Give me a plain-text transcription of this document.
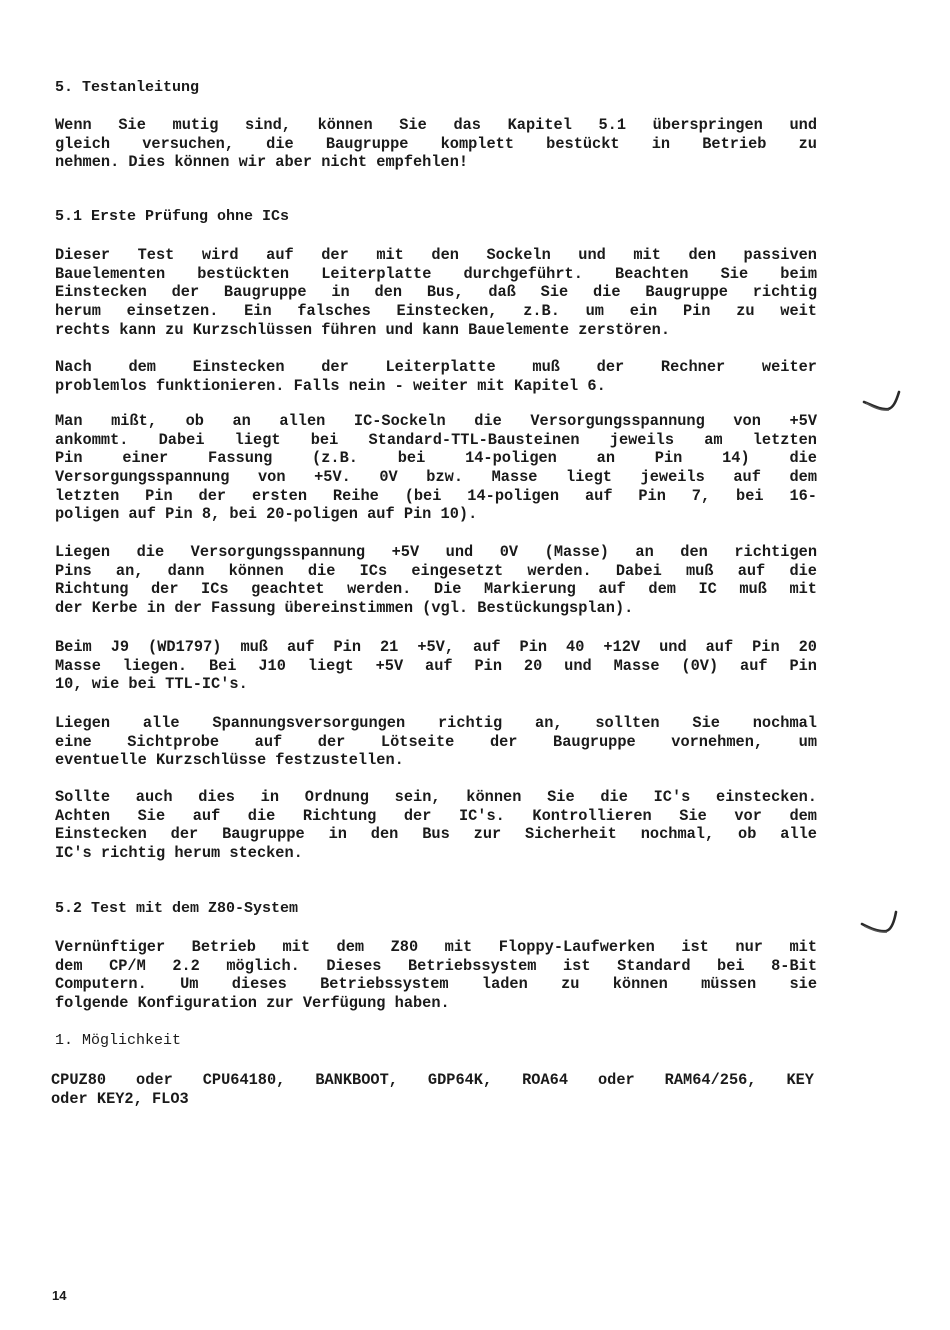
5. Testanleitung
Wenn Sie mutig sind, können Sie das Kapitel 5.1 überspringen und
gleich versuchen, die Baugruppe komplett bestückt in Betrieb zu
nehmen. Dies können wir aber nicht empfehlen!
5.1 Erste Prüfung ohne ICs
Dieser Test wird auf der mit den Sockeln und mit den passiven
Bauelementen bestückten Leiterplatte durchgeführt. Beachten Sie beim
Einstecken der Baugruppe in den Bus, daß Sie die Baugruppe richtig
herum einsetzen. Ein falsches Einstecken, z.B. um ein Pin zu weit
rechts kann zu Kurzschlüssen führen und kann Bauelemente zerstören.
Nach dem Einstecken der Leiterplatte muß der Rechner weiter
problemlos funktionieren. Falls nein - weiter mit Kapitel 6.
Man mißt, ob an allen IC-Sockeln die Versorgungsspannung von +5V
ankommt. Dabei liegt bei Standard-TTL-Bausteinen jeweils am letzten
Pin einer Fassung (z.B. bei 14-poligen an Pin 14) die
Versorgungsspannung von +5V. 0V bzw. Masse liegt jeweils auf dem
letzten Pin der ersten Reihe (bei 14-poligen auf Pin 7, bei 16-
poligen auf Pin 8, bei 20-poligen auf Pin 10).
Liegen die Versorgungsspannung +5V und 0V (Masse) an den richtigen
Pins an, dann können die ICs eingesetzt werden. Dabei muß auf die
Richtung der ICs geachtet werden. Die Markierung auf dem IC muß mit
der Kerbe in der Fassung übereinstimmen (vgl. Bestückungsplan).
Beim J9 (WD1797) muß auf Pin 21 +5V, auf Pin 40 +12V und auf Pin 20
Masse liegen. Bei J10 liegt +5V auf Pin 20 und Masse (0V) auf Pin
10, wie bei TTL-IC's.
Liegen alle Spannungsversorgungen richtig an, sollten Sie nochmal
eine Sichtprobe auf der Lötseite der Baugruppe vornehmen, um
eventuelle Kurzschlüsse festzustellen.
Sollte auch dies in Ordnung sein, können Sie die IC's einstecken.
Achten Sie auf die Richtung der IC's. Kontrollieren Sie vor dem
Einstecken der Baugruppe in den Bus zur Sicherheit nochmal, ob alle
IC's richtig herum stecken.
5.2 Test mit dem Z80-System
Vernünftiger Betrieb mit dem Z80 mit Floppy-Laufwerken ist nur mit
dem CP/M 2.2 möglich. Dieses Betriebssystem ist Standard bei 8-Bit
Computern. Um dieses Betriebssystem laden zu können müssen sie
folgende Konfiguration zur Verfügung haben.
1. Möglichkeit
CPUZ80 oder CPU64180, BANKBOOT, GDP64K, ROA64 oder RAM64/256, KEY
oder KEY2, FLO3
14
